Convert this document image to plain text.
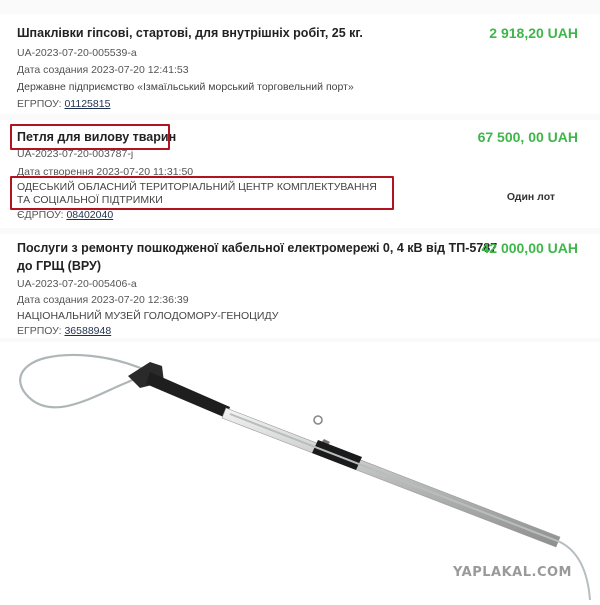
Шпаклівки гіпсові, стартові, для внутрішніх робіт, 25 кг.	2 918,20 UAH
UA-2023-07-20-005539-a
Дата создания 2023-07-20 12:41:53
Державне підприємство «Ізмаїльський морський торговельний порт»
ЕГРПОУ: 01125815
Петля для вилову тварин	67 500, 00 UAH
UA-2023-07-20-003787-j
Дата створення 2023-07-20 11:31:50
ОДЕСЬКИЙ ОБЛАСНИЙ ТЕРИТОРІАЛЬНИЙ ЦЕНТР КОМПЛЕКТУВАННЯ
ТА СОЦІАЛЬНОЇ ПІДТРИМКИ
ЄДРПОУ: 08402040
Один лот
Послуги з ремонту пошкодженої кабельної електромережі 0, 4 кВ від ТП-5787
до ГРЩ (ВРУ)
42 000,00 UAH
UA-2023-07-20-005406-a
Дата создания 2023-07-20 12:36:39
НАЦІОНАЛЬНИЙ МУЗЕЙ ГОЛОДОМОРУ-ГЕНОЦИДУ
ЕГРПОУ: 36588948
YAPLAKAL.COM
